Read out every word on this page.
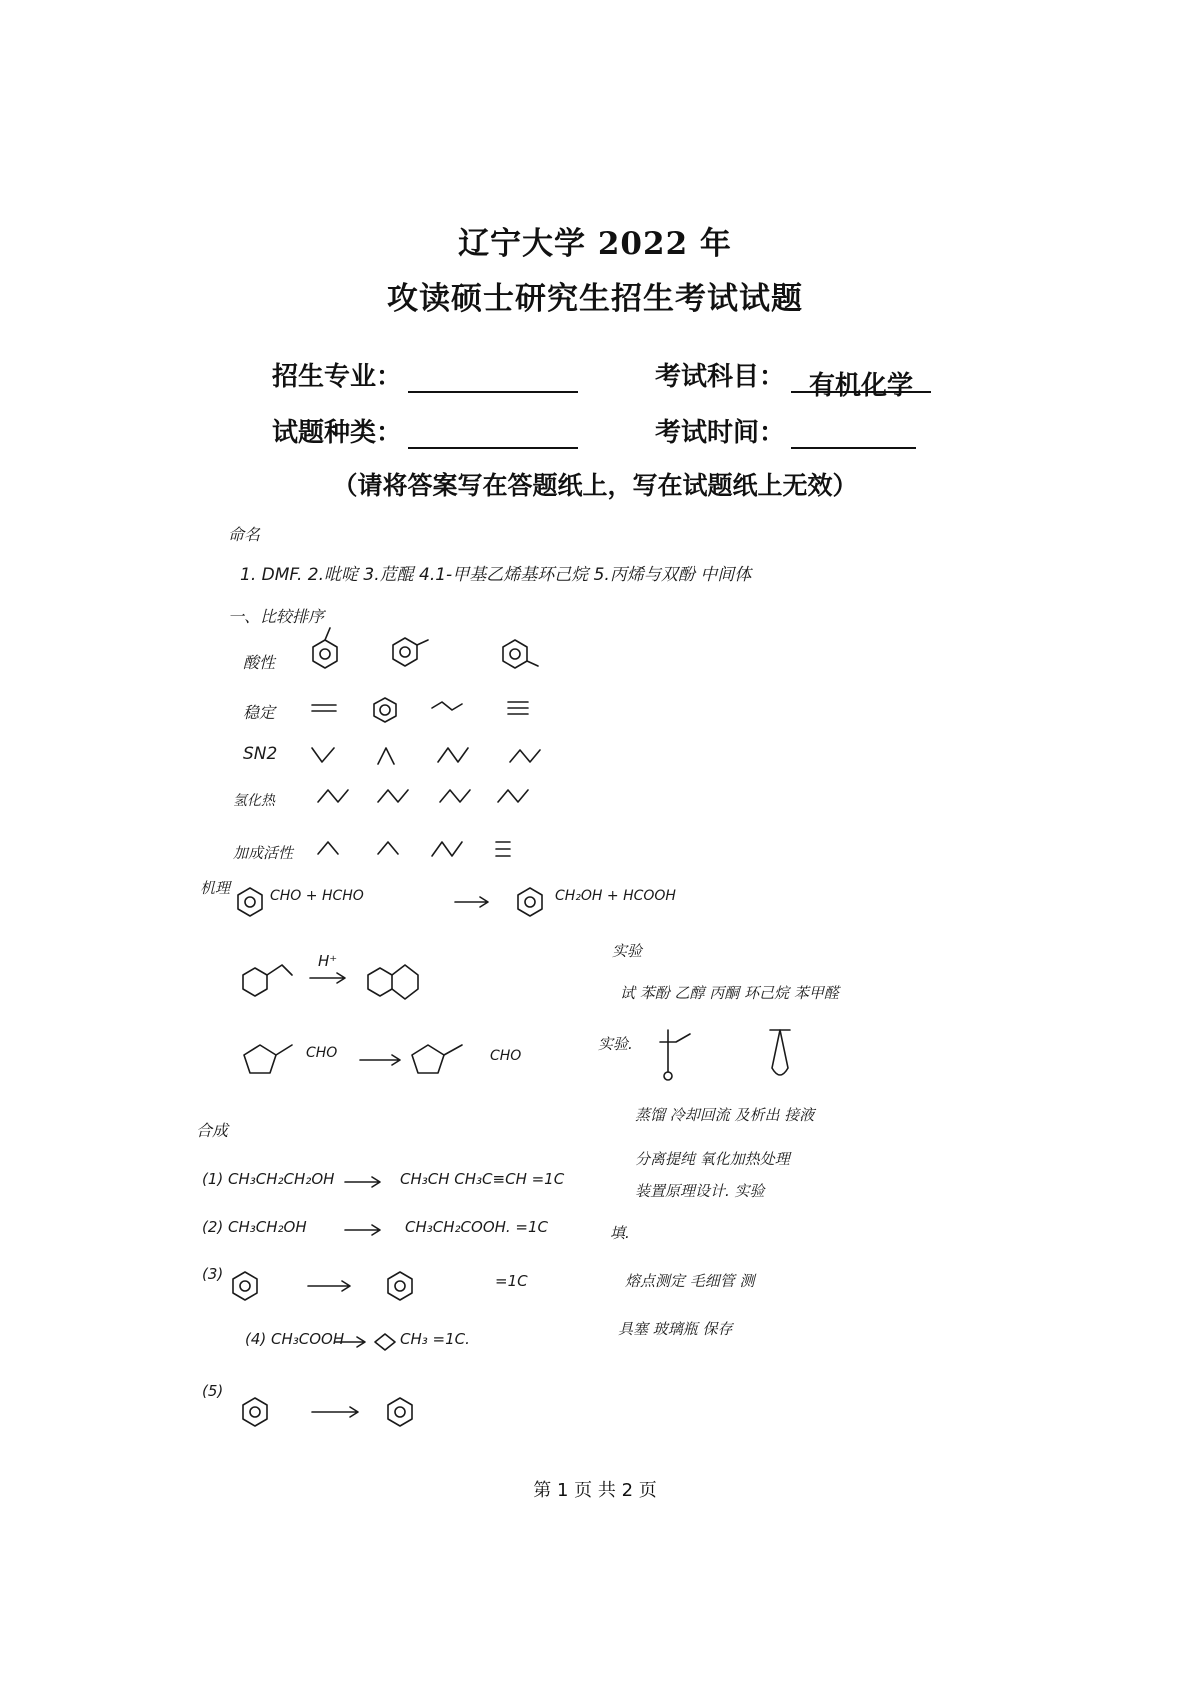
辽宁大学 2022 年
攻读硕士研究生招生考试试题
招生专业：	考试科目： 有机化学
试题种类：	考试时间：
（请将答案写在答题纸上，写在试题纸上无效）
命名
1. DMF. 2.吡啶 3.苊醌 4.1-甲基乙烯基环己烷 5.丙烯与双酚 中间体
一、比较排序
酸性
稳定
SN2
氢化热
加成活性
机理	CHO + HCHO	CH₂OH + HCOOH
H⁺
CHO	CHO
合成
(1) CH₃CH₂CH₂OH	CH₃CH CH₃C≡CH =1C
(2) CH₃CH₂OH	CH₃CH₂COOH. =1C
(3)	=1C
(4) CH₃COOH	CH₃ =1C.
(5)
实验
试 苯酚 乙醇 丙酮 环己烷 苯甲醛
实验.
蒸馏 冷却回流 及析出 接液
分离提纯 氧化加热处理
装置原理设计. 实验
填.
熔点测定 毛细管 测
具塞 玻璃瓶 保存
第 1 页 共 2 页
